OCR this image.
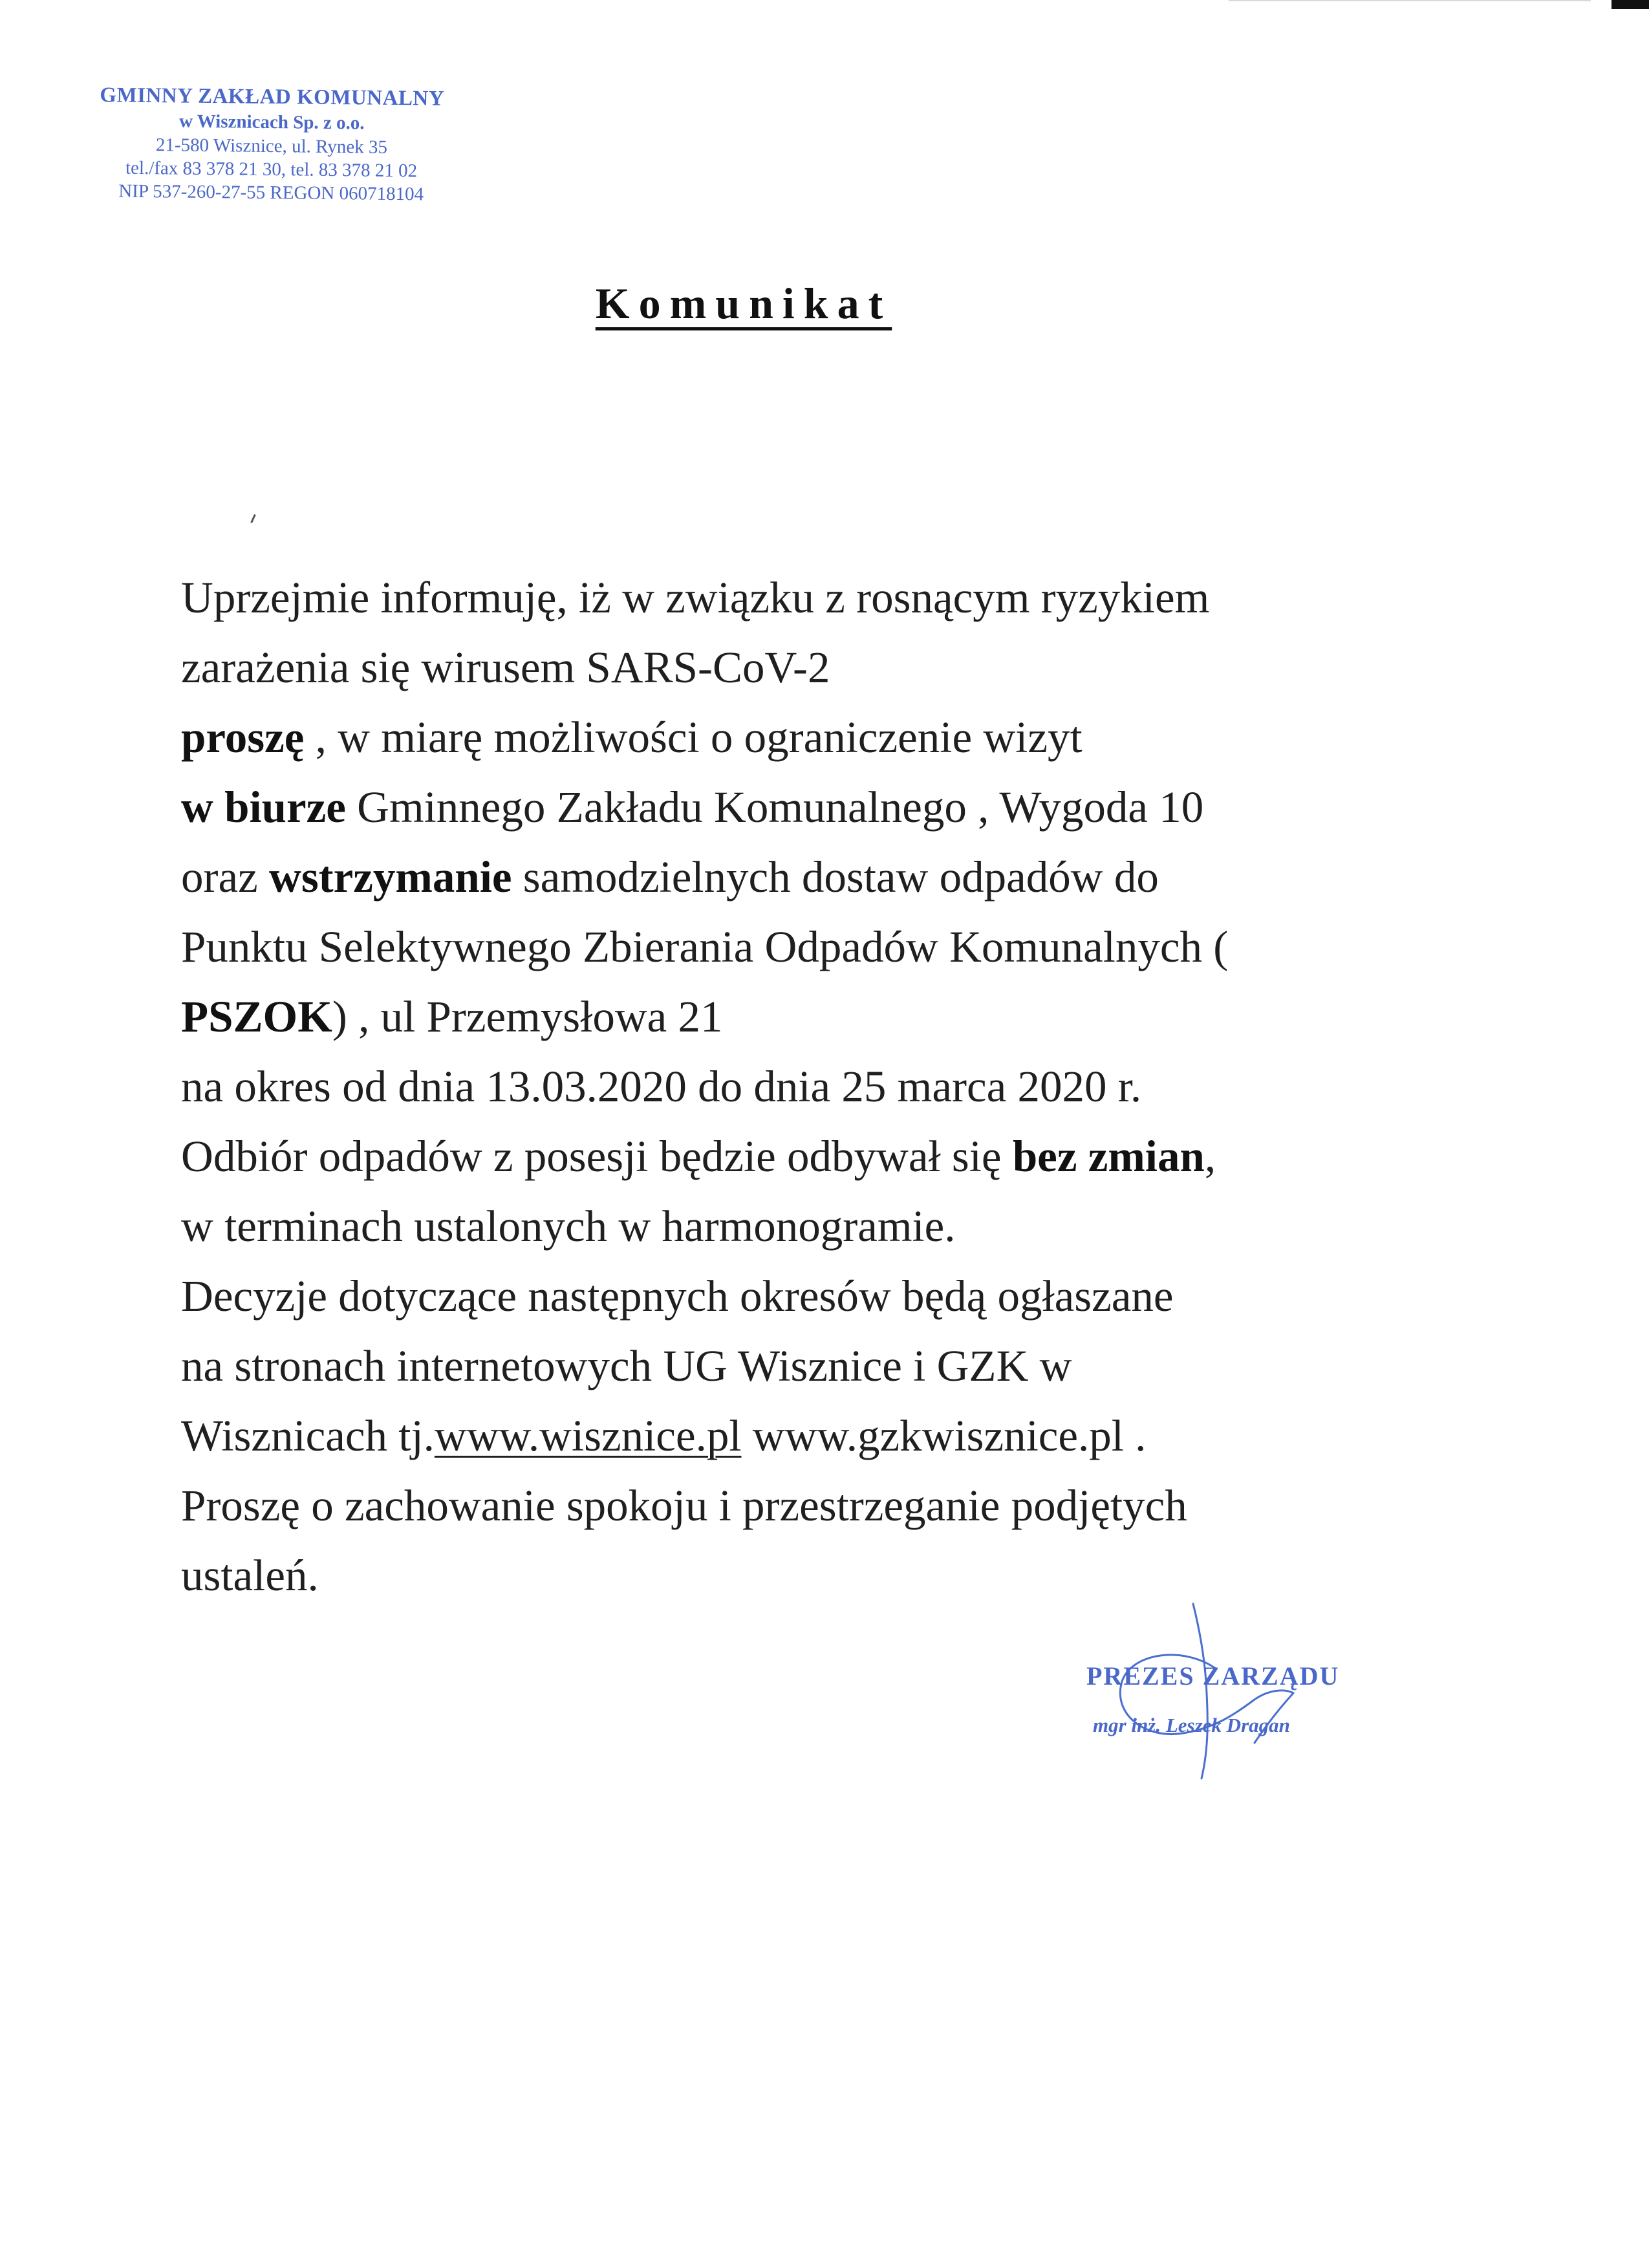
GMINNY ZAKŁAD KOMUNALNY
w Wisznicach Sp. z o.o.
21-580 Wisznice, ul. Rynek 35
tel./fax 83 378 21 30, tel. 83 378 21 02
NIP 537-260-27-55 REGON 060718104
Komunikat
Uprzejmie informuję, iż w związku z rosnącym ryzykiem
zarażenia się wirusem SARS-CoV-2
proszę , w miarę możliwości o ograniczenie wizyt
w biurze Gminnego Zakładu Komunalnego , Wygoda 10
oraz wstrzymanie samodzielnych dostaw odpadów do
Punktu Selektywnego Zbierania Odpadów Komunalnych (
PSZOK) , ul Przemysłowa 21
na okres od dnia 13.03.2020 do dnia 25 marca 2020 r.
Odbiór odpadów z posesji będzie odbywał się bez zmian,
w terminach ustalonych w harmonogramie.
Decyzje dotyczące następnych okresów będą ogłaszane
na stronach internetowych UG Wisznice i GZK w
Wisznicach tj.www.wisznice.pl www.gzkwisznice.pl .
Proszę o zachowanie spokoju i przestrzeganie podjętych
ustaleń.
PREZES ZARZĄDU
mgr inż. Leszek Dragan
